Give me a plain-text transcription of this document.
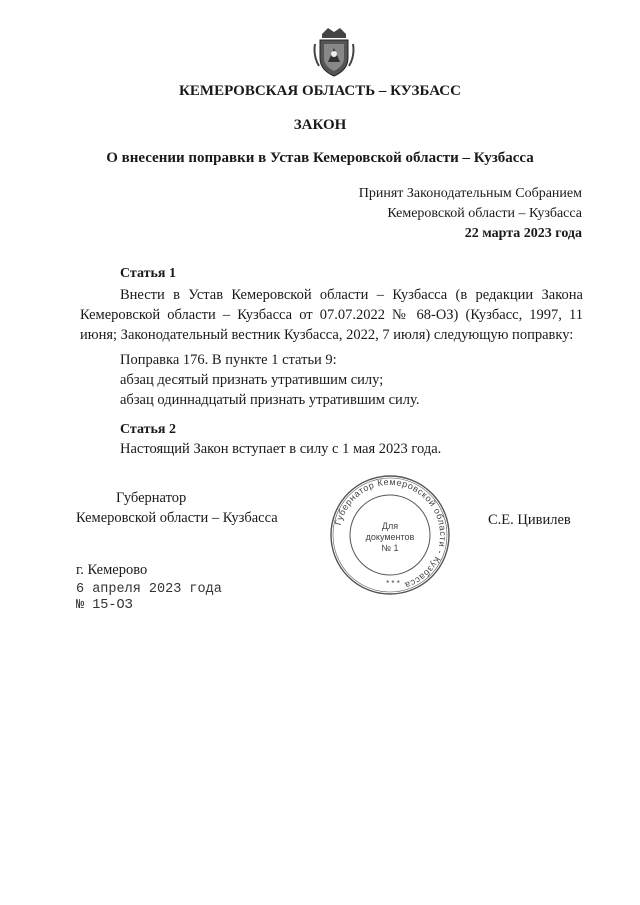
КЕМЕРОВСКАЯ ОБЛАСТЬ – КУЗБАСС
ЗАКОН
О внесении поправки в Устав Кемеровской области – Кузбасса
Принят Законодательным Собранием
Кемеровской области – Кузбасса
22 марта 2023 года
Статья 1
Внести в Устав Кемеровской области – Кузбасса (в редакции Закона Кемеровской области – Кузбасса от 07.07.2022 № 68-ОЗ) (Кузбасс, 1997, 11 июня; Законодательный вестник Кузбасса, 2022, 7 июля) следующую поправку:
Поправка 176. В пункте 1 статьи 9:
абзац десятый признать утратившим силу;
абзац одиннадцатый признать утратившим силу.
Статья 2
Настоящий Закон вступает в силу с 1 мая 2023 года.
Губернатор
Кемеровской области – Кузбасса	С.Е. Цивилев
Губернатор Кемеровской области - Кузбасса
Для
документов
№ 1
* * *
г. Кемерово
6 апреля 2023 года
№ 15-ОЗ
